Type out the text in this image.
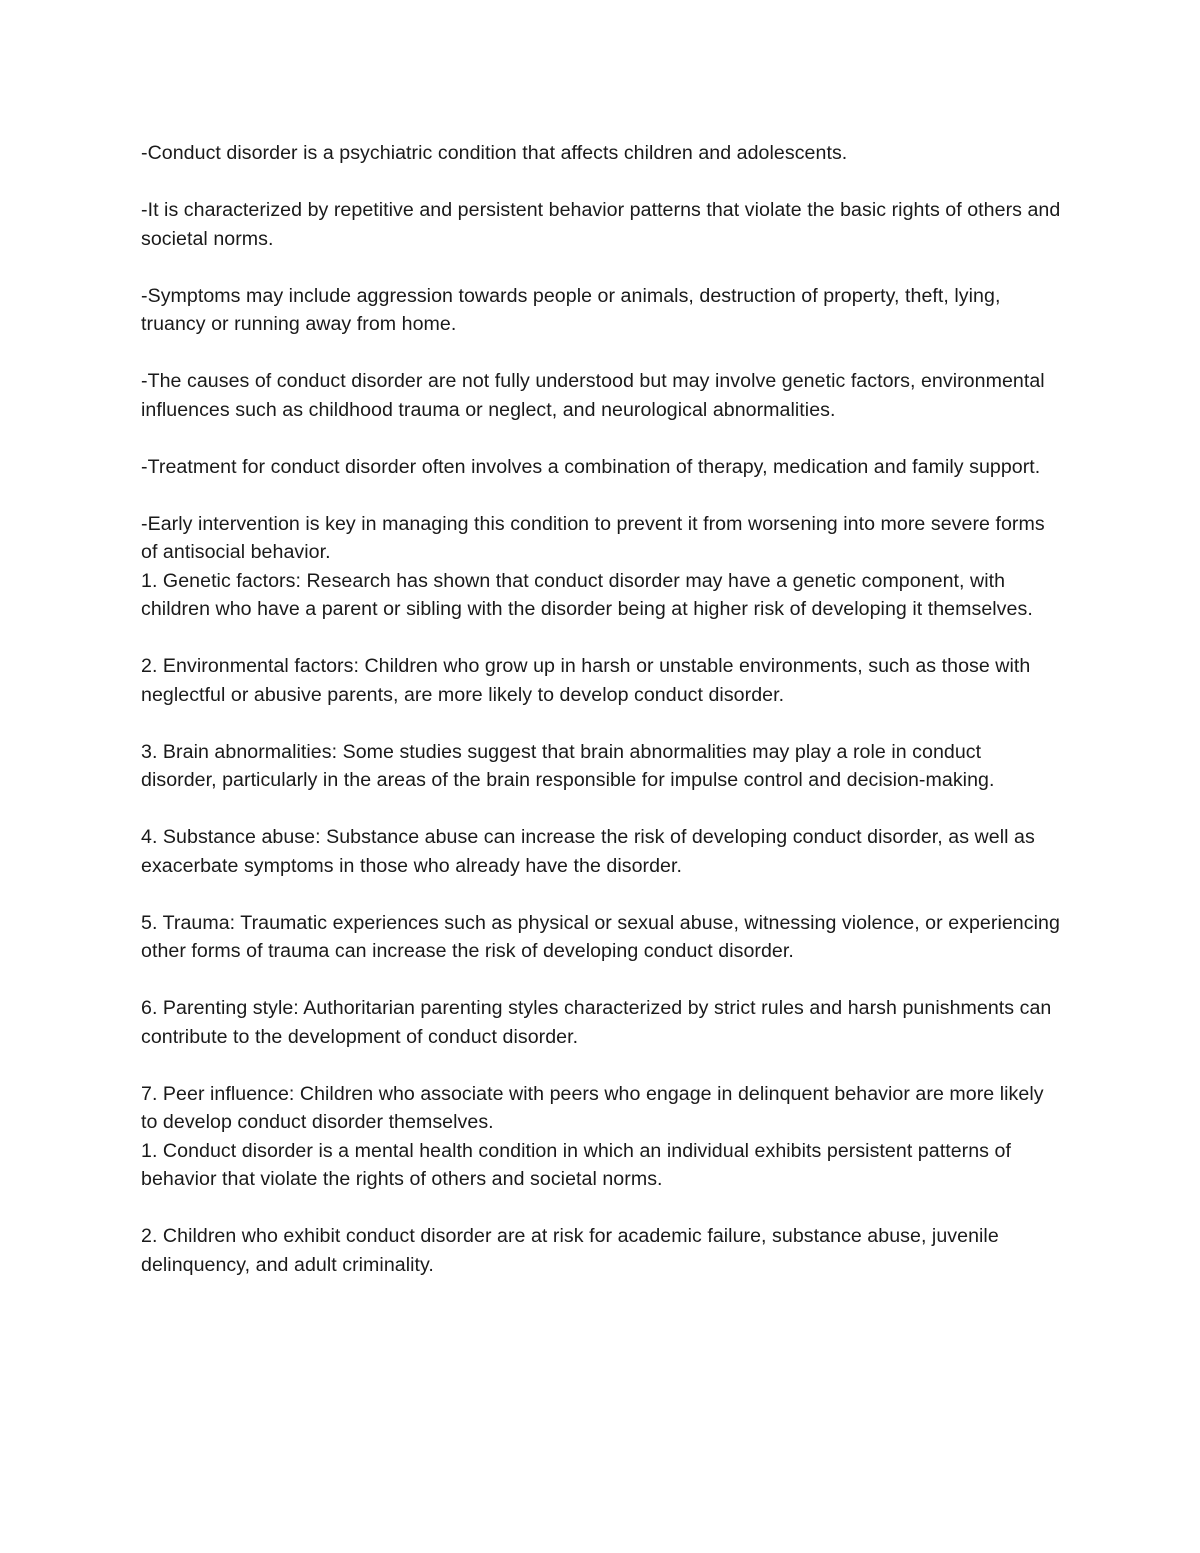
-Conduct disorder is a psychiatric condition that affects children and adolescents.

-It is characterized by repetitive and persistent behavior patterns that violate the basic rights of others and societal norms.

-Symptoms may include aggression towards people or animals, destruction of property, theft, lying, truancy or running away from home.

-The causes of conduct disorder are not fully understood but may involve genetic factors, environmental influences such as childhood trauma or neglect, and neurological abnormalities.

-Treatment for conduct disorder often involves a combination of therapy, medication and family support.

-Early intervention is key in managing this condition to prevent it from worsening into more severe forms of antisocial behavior.

1. Genetic factors: Research has shown that conduct disorder may have a genetic component, with children who have a parent or sibling with the disorder being at higher risk of developing it themselves.

2. Environmental factors: Children who grow up in harsh or unstable environments, such as those with neglectful or abusive parents, are more likely to develop conduct disorder.

3. Brain abnormalities: Some studies suggest that brain abnormalities may play a role in conduct disorder, particularly in the areas of the brain responsible for impulse control and decision-making.

4. Substance abuse: Substance abuse can increase the risk of developing conduct disorder, as well as exacerbate symptoms in those who already have the disorder.

5. Trauma: Traumatic experiences such as physical or sexual abuse, witnessing violence, or experiencing other forms of trauma can increase the risk of developing conduct disorder.

6. Parenting style: Authoritarian parenting styles characterized by strict rules and harsh punishments can contribute to the development of conduct disorder.

7. Peer influence: Children who associate with peers who engage in delinquent behavior are more likely to develop conduct disorder themselves.

1. Conduct disorder is a mental health condition in which an individual exhibits persistent patterns of behavior that violate the rights of others and societal norms.

2. Children who exhibit conduct disorder are at risk for academic failure, substance abuse, juvenile delinquency, and adult criminality.
